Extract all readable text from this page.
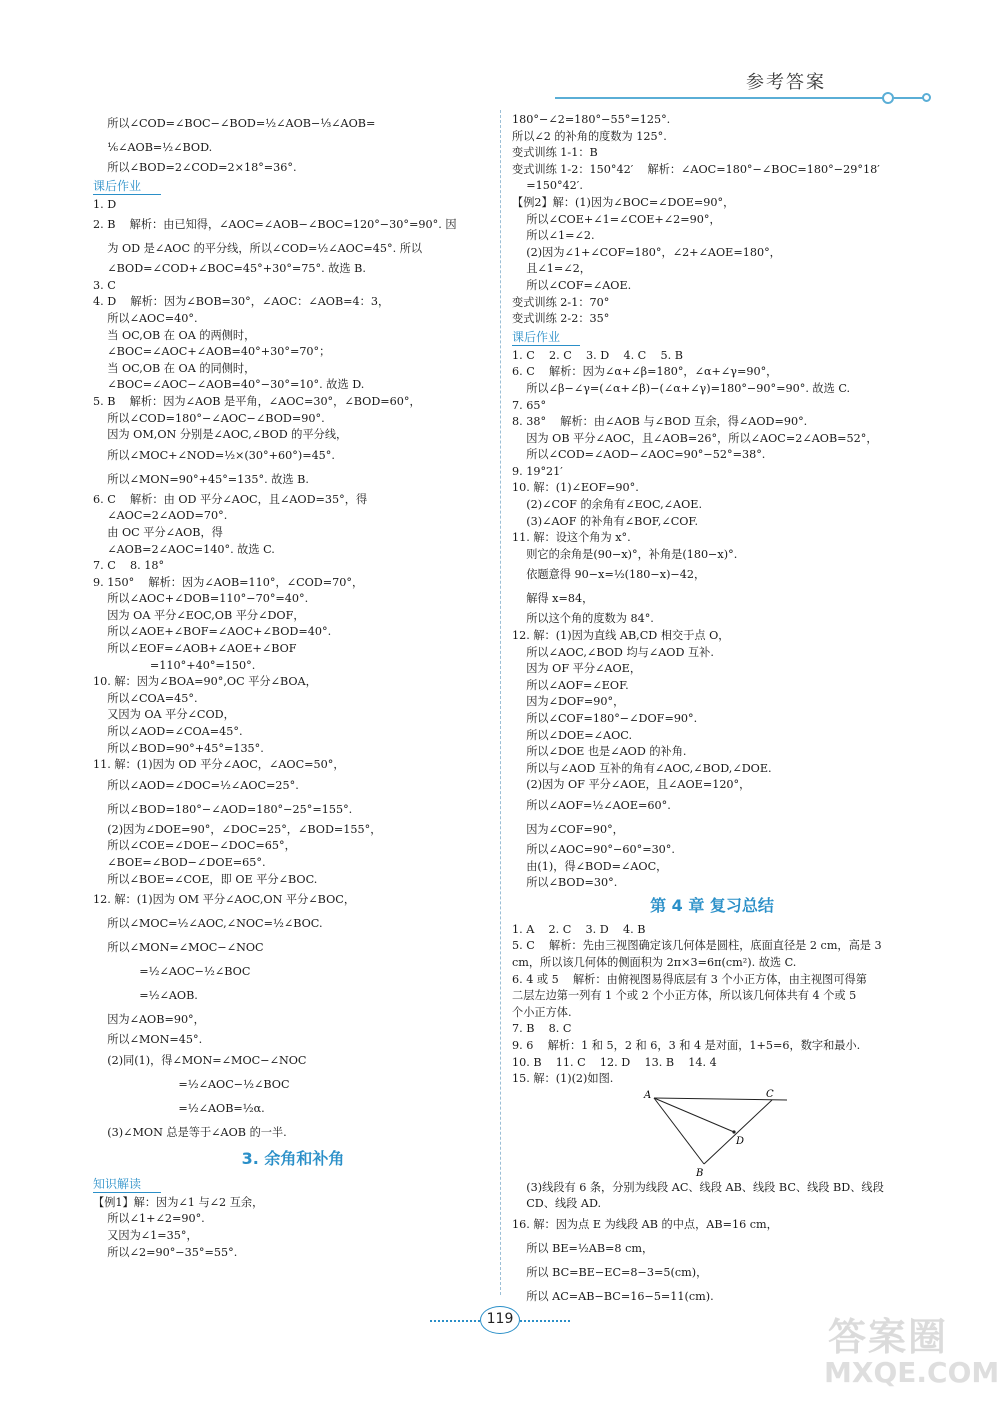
参考答案
所以∠COD=∠BOC−∠BOD=½∠AOB−⅓∠AOB=
⅙∠AOB=½∠BOD.
所以∠BOD=2∠COD=2×18°=36°.
课后作业
1. D
2. B    解析：由已知得，∠AOC=∠AOB−∠BOC=120°−30°=90°. 因
为 OD 是∠AOC 的平分线，所以∠COD=½∠AOC=45°. 所以
∠BOD=∠COD+∠BOC=45°+30°=75°. 故选 B.
3. C
4. D    解析：因为∠BOB=30°，∠AOC：∠AOB=4：3，
所以∠AOC=40°.
当 OC,OB 在 OA 的两侧时，
∠BOC=∠AOC+∠AOB=40°+30°=70°；
当 OC,OB 在 OA 的同侧时，
∠BOC=∠AOC−∠AOB=40°−30°=10°. 故选 D.
5. B    解析：因为∠AOB 是平角，∠AOC=30°，∠BOD=60°，
所以∠COD=180°−∠AOC−∠BOD=90°.
因为 OM,ON 分别是∠AOC,∠BOD 的平分线，
所以∠MOC+∠NOD=½×(30°+60°)=45°.
所以∠MON=90°+45°=135°. 故选 B.
6. C    解析：由 OD 平分∠AOC，且∠AOD=35°，得
∠AOC=2∠AOD=70°.
由 OC 平分∠AOB，得
∠AOB=2∠AOC=140°. 故选 C.
7. C    8. 18°
9. 150°    解析：因为∠AOB=110°，∠COD=70°，
所以∠AOC+∠DOB=110°−70°=40°.
因为 OA 平分∠EOC,OB 平分∠DOF，
所以∠AOE+∠BOF=∠AOC+∠BOD=40°.
所以∠EOF=∠AOB+∠AOE+∠BOF
=110°+40°=150°.
10. 解：因为∠BOA=90°,OC 平分∠BOA，
所以∠COA=45°.
又因为 OA 平分∠COD，
所以∠AOD=∠COA=45°.
所以∠BOD=90°+45°=135°.
11. 解：(1)因为 OD 平分∠AOC，∠AOC=50°，
所以∠AOD=∠DOC=½∠AOC=25°.
所以∠BOD=180°−∠AOD=180°−25°=155°.
(2)因为∠DOE=90°，∠DOC=25°，∠BOD=155°，
所以∠COE=∠DOE−∠DOC=65°，
∠BOE=∠BOD−∠DOE=65°.
所以∠BOE=∠COE，即 OE 平分∠BOC.
12. 解：(1)因为 OM 平分∠AOC,ON 平分∠BOC，
所以∠MOC=½∠AOC,∠NOC=½∠BOC.
所以∠MON=∠MOC−∠NOC
=½∠AOC−½∠BOC
=½∠AOB.
因为∠AOB=90°，
所以∠MON=45°.
(2)同(1)，得∠MON=∠MOC−∠NOC
=½∠AOC−½∠BOC
=½∠AOB=½α.
(3)∠MON 总是等于∠AOB 的一半.
3. 余角和补角
知识解读
【例1】解：因为∠1 与∠2 互余，
所以∠1+∠2=90°.
又因为∠1=35°，
所以∠2=90°−35°=55°.
180°−∠2=180°−55°=125°.
所以∠2 的补角的度数为 125°.
变式训练 1-1：B
变式训练 1-2：150°42′    解析：∠AOC=180°−∠BOC=180°−29°18′
=150°42′.
【例2】解：(1)因为∠BOC=∠DOE=90°，
所以∠COE+∠1=∠COE+∠2=90°，
所以∠1=∠2.
(2)因为∠1+∠COF=180°，∠2+∠AOE=180°，
且∠1=∠2，
所以∠COF=∠AOE.
变式训练 2-1：70°
变式训练 2-2：35°
课后作业
1. C    2. C    3. D    4. C    5. B
6. C    解析：因为∠α+∠β=180°，∠α+∠γ=90°，
所以∠β−∠γ=(∠α+∠β)−(∠α+∠γ)=180°−90°=90°. 故选 C.
7. 65°
8. 38°    解析：由∠AOB 与∠BOD 互余，得∠AOD=90°.
因为 OB 平分∠AOC，且∠AOB=26°，所以∠AOC=2∠AOB=52°，
所以∠COD=∠AOD−∠AOC=90°−52°=38°.
9. 19°21′
10. 解：(1)∠EOF=90°.
(2)∠COF 的余角有∠EOC,∠AOE.
(3)∠AOF 的补角有∠BOF,∠COF.
11. 解：设这个角为 x°.
则它的余角是(90−x)°，补角是(180−x)°.
依题意得 90−x=½(180−x)−42，
解得 x=84，
所以这个角的度数为 84°.
12. 解：(1)因为直线 AB,CD 相交于点 O，
所以∠AOC,∠BOD 均与∠AOD 互补.
因为 OF 平分∠AOE，
所以∠AOF=∠EOF.
因为∠DOF=90°，
所以∠COF=180°−∠DOF=90°.
所以∠DOE=∠AOC.
所以∠DOE 也是∠AOD 的补角.
所以与∠AOD 互补的角有∠AOC,∠BOD,∠DOE.
(2)因为 OF 平分∠AOE，且∠AOE=120°，
所以∠AOF=½∠AOE=60°.
因为∠COF=90°，
所以∠AOC=90°−60°=30°.
由(1)，得∠BOD=∠AOC，
所以∠BOD=30°.
第 4 章 复习总结
1. A    2. C    3. D    4. B
5. C    解析：先由三视图确定该几何体是圆柱，底面直径是 2 cm，高是 3
cm，所以该几何体的侧面积为 2π×3=6π(cm²). 故选 C.
6. 4 或 5    解析：由俯视图易得底层有 3 个小正方体，由主视图可得第
二层左边第一列有 1 个或 2 个小正方体，所以该几何体共有 4 个或 5
个小正方体.
7. B    8. C
9. 6    解析：1 和 5，2 和 6，3 和 4 是对面，1+5=6，数字和最小.
10. B    11. C    12. D    13. B    14. 4
15. 解：(1)(2)如图.
A	C
D
B
(3)线段有 6 条，分别为线段 AC、线段 AB、线段 BC、线段 BD、线段
CD、线段 AD.
16. 解：因为点 E 为线段 AB 的中点，AB=16 cm，
所以 BE=½AB=8 cm，
所以 BC=BE−EC=8−3=5(cm)，
所以 AC=AB−BC=16−5=11(cm).
119	答案圈
MXQE.COM
